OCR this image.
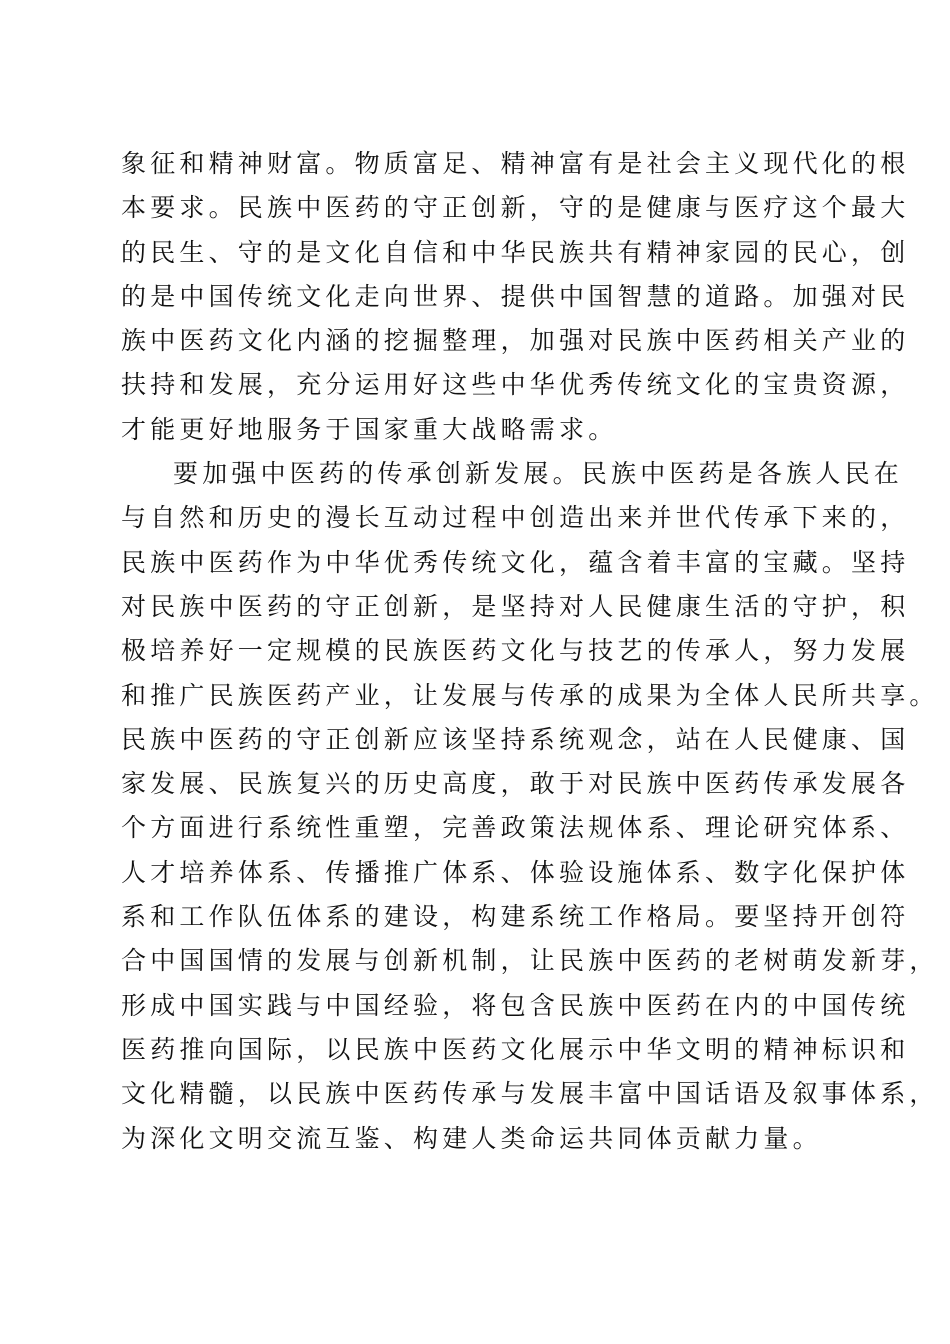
象征和精神财富。物质富足、精神富有是社会主义现代化的根
本要求。民族中医药的守正创新，守的是健康与医疗这个最大
的民生、守的是文化自信和中华民族共有精神家园的民心，创
的是中国传统文化走向世界、提供中国智慧的道路。加强对民
族中医药文化内涵的挖掘整理，加强对民族中医药相关产业的
扶持和发展，充分运用好这些中华优秀传统文化的宝贵资源，
才能更好地服务于国家重大战略需求。
要加强中医药的传承创新发展。民族中医药是各族人民在
与自然和历史的漫长互动过程中创造出来并世代传承下来的，
民族中医药作为中华优秀传统文化，蕴含着丰富的宝藏。坚持
对民族中医药的守正创新，是坚持对人民健康生活的守护，积
极培养好一定规模的民族医药文化与技艺的传承人，努力发展
和推广民族医药产业，让发展与传承的成果为全体人民所共享。
民族中医药的守正创新应该坚持系统观念，站在人民健康、国
家发展、民族复兴的历史高度，敢于对民族中医药传承发展各
个方面进行系统性重塑，完善政策法规体系、理论研究体系、
人才培养体系、传播推广体系、体验设施体系、数字化保护体
系和工作队伍体系的建设，构建系统工作格局。要坚持开创符
合中国国情的发展与创新机制，让民族中医药的老树萌发新芽，
形成中国实践与中国经验，将包含民族中医药在内的中国传统
医药推向国际，以民族中医药文化展示中华文明的精神标识和
文化精髓，以民族中医药传承与发展丰富中国话语及叙事体系，
为深化文明交流互鉴、构建人类命运共同体贡献力量。
